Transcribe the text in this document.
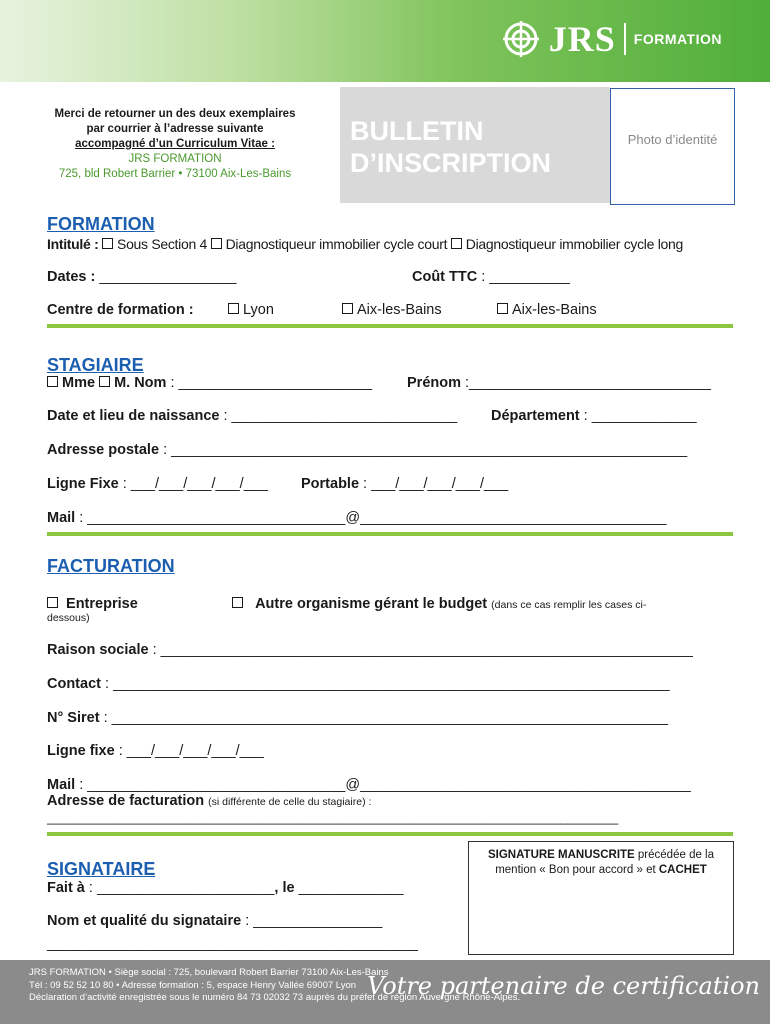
JRS FORMATION
Merci de retourner un des deux exemplaires
par courrier à l’adresse suivante
accompagné d’un Curriculum Vitae :
JRS FORMATION
725, bld Robert Barrier • 73100 Aix-Les-Bains
BULLETIN
D’INSCRIPTION
Photo d’identité
FORMATION
Intitulé : Sous Section 4 Diagnostiqueur immobilier cycle court Diagnostiqueur immobilier cycle long
Dates : _________________	Coût TTC : __________
Centre de formation :	Lyon	Aix-les-Bains	Aix-les-Bains
STAGIAIRE
Mme M. Nom : ________________________ Prénom :______________________________
Date et lieu de naissance : ____________________________ Département : _____________
Adresse postale : ________________________________________________________________
Ligne Fixe : ___/___/___/___/___ Portable : ___/___/___/___/___
Mail : ________________________________@______________________________________
FACTURATION
Entreprise	Autre organisme gérant le budget (dans ce cas remplir les cases ci-
dessous)
Raison sociale : __________________________________________________________________
Contact : _____________________________________________________________________
N° Siret : _____________________________________________________________________
Ligne fixe : ___/___/___/___/___
Mail : ________________________________@_________________________________________
Adresse de facturation (si différente de celle du stagiaire) :
_______________________________________________________________________________
SIGNATAIRE
Fait à : ______________________, le _____________
Nom et qualité du signataire : ________________
______________________________________________
SIGNATURE MANUSCRITE précédée de la
mention « Bon pour accord » et CACHET
JRS FORMATION • Siège social : 725, boulevard Robert Barrier 73100 Aix-Les-Bains
Tél : 09 52 52 10 80 • Adresse formation : 5, espace Henry Vallée 69007 Lyon
Déclaration d’activité enregistrée sous le numéro 84 73 02032 73 auprès du préfet de région Auvergne Rhône-Alpes.
Votre partenaire de certification
